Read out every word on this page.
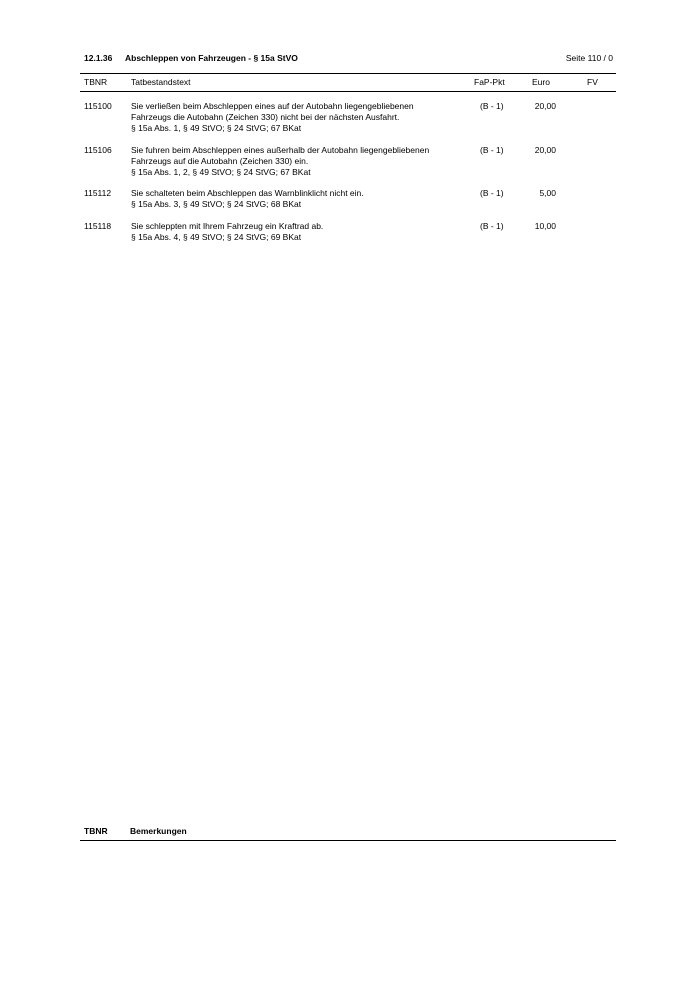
12.1.36 Abschleppen von Fahrzeugen - § 15a StVO	Seite 110 / 0
TBNR	Tatbestandstext	FaP-Pkt	Euro	FV
115100 Sie verließen beim Abschleppen eines auf der Autobahn liegengebliebenen
Fahrzeugs die Autobahn (Zeichen 330) nicht bei der nächsten Ausfahrt.
§ 15a Abs. 1, § 49 StVO; § 24 StVG; 67 BKat
(B - 1)	20,00
115106 Sie fuhren beim Abschleppen eines außerhalb der Autobahn liegengebliebenen
Fahrzeugs auf die Autobahn (Zeichen 330) ein.
§ 15a Abs. 1, 2, § 49 StVO; § 24 StVG; 67 BKat
(B - 1)	20,00
115112 Sie schalteten beim Abschleppen das Warnblinklicht nicht ein.
§ 15a Abs. 3, § 49 StVO; § 24 StVG; 68 BKat
(B - 1)	5,00
115118 Sie schleppten mit Ihrem Fahrzeug ein Kraftrad ab.
§ 15a Abs. 4, § 49 StVO; § 24 StVG; 69 BKat
(B - 1)	10,00
TBNR	Bemerkungen
